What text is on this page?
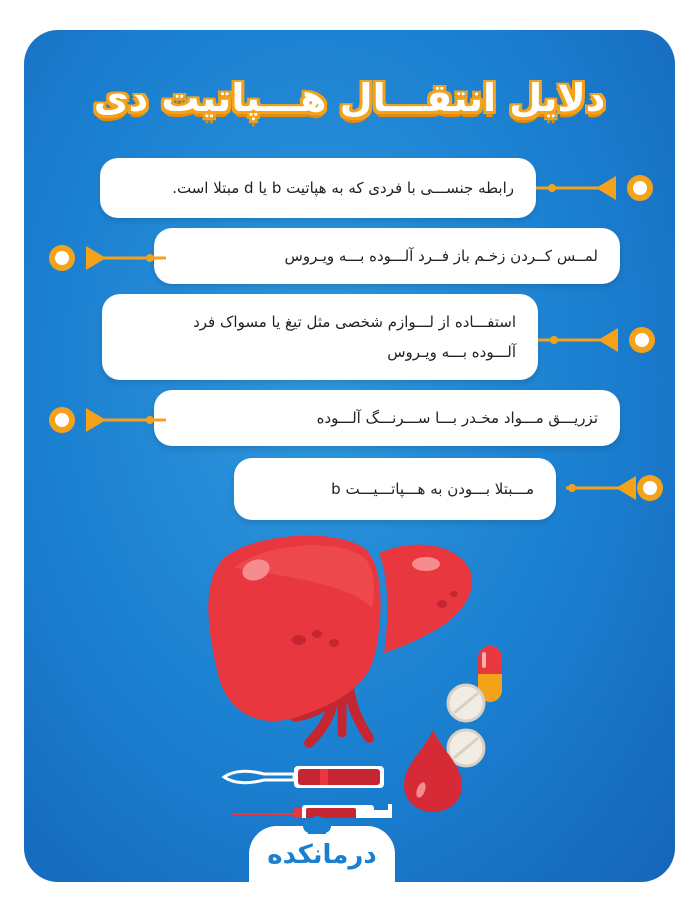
دلایل انتقـــال هـــپاتیت دی
رابطه جنســـی با فردی که به هپاتیت b یا d مبتلا است.
لمــس کــردن زخـم باز فــرد آلـــوده بـــه ویـروس
استفـــاده از لـــوازم شخصی مثل تیغ یا مسواک فرد
آلـــوده بـــه ویـروس
تزریـــق مـــواد مخـدر بـــا ســـرنـــگ آلـــوده
مـــبتلا بـــودن به هـــپاتـــیـــت b
درمانکده
